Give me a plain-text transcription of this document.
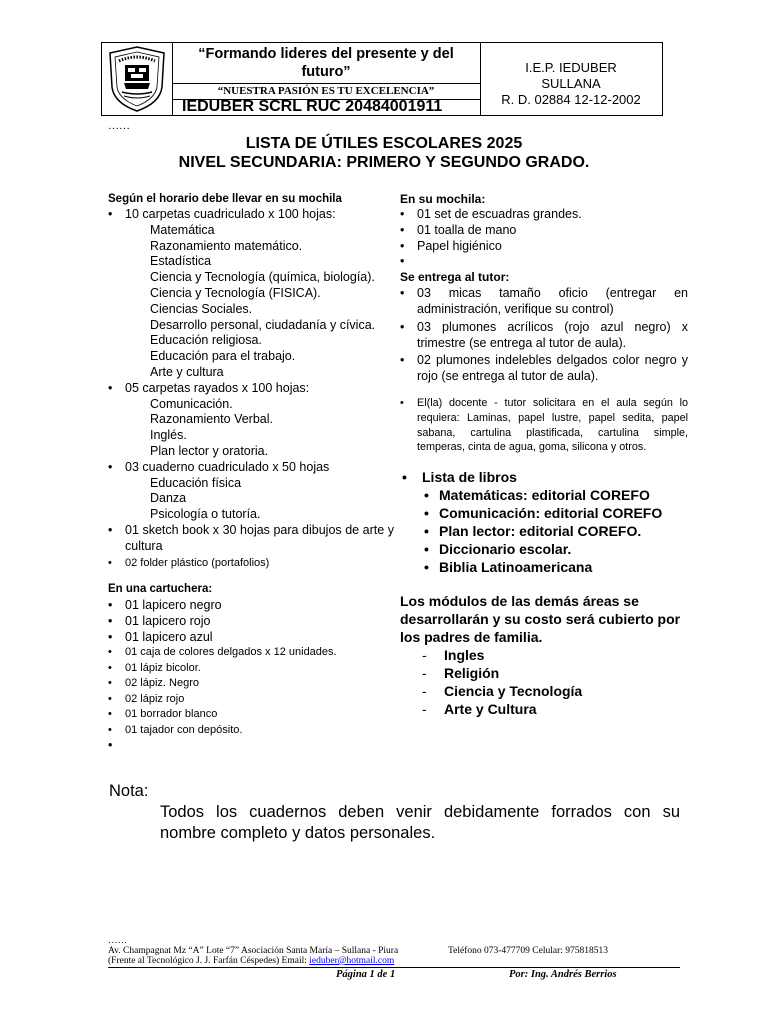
“Formando lideres del presente y del futuro”
“NUESTRA PASIÓN ES TU EXCELENCIA”
IEDUBER SCRL RUC 20484001911
I.E.P. IEDUBER
SULLANA
R. D. 02884 12-12-2002
……
LISTA DE ÚTILES ESCOLARES 2025
NIVEL SECUNDARIA: PRIMERO Y SEGUNDO GRADO.
Según el horario debe llevar en su mochila
• 10 carpetas cuadriculado x 100 hojas:
Matemática
Razonamiento matemático.
Estadística
Ciencia y Tecnología (química, biología).
Ciencia y Tecnología (FISICA).
Ciencias Sociales.
Desarrollo personal, ciudadanía y cívica.
Educación religiosa.
Educación para el trabajo.
Arte y cultura
• 05 carpetas rayados x 100 hojas:
Comunicación.
Razonamiento Verbal.
Inglés.
Plan lector y oratoria.
• 03 cuaderno cuadriculado x 50 hojas
Educación física
Danza
Psicología o tutoría.
• 01 sketch book x 30 hojas para dibujos de arte y cultura
• 02 folder plástico (portafolios)
En una cartuchera:
• 01 lapicero negro
• 01 lapicero rojo
• 01 lapicero azul
• 01 caja de colores delgados x 12 unidades.
• 01 lápiz bicolor.
• 02 lápiz. Negro
• 02 lápiz rojo
• 01 borrador blanco
• 01 tajador con depósito.
•
En su mochila:
• 01 set de escuadras grandes.
• 01 toalla de mano
• Papel higiénico
•
Se entrega al tutor:
• 03 micas tamaño oficio (entregar en administración, verifique su control)
• 03 plumones acrílicos (rojo azul negro) x trimestre (se entrega al tutor de aula).
• 02 plumones indelebles delgados color negro y rojo (se entrega al tutor de aula).
• El(la) docente - tutor solicitara en el aula según lo requiera: Laminas, papel lustre, papel sedita, papel sabana, cartulina plastificada, cartulina simple, temperas, cinta de agua, goma, silicona y otros.
• Lista de libros
• Matemáticas: editorial COREFO
• Comunicación: editorial COREFO
• Plan lector: editorial COREFO.
• Diccionario escolar.
• Biblia Latinoamericana
Los módulos de las demás áreas se desarrollarán y su costo será cubierto por los padres de familia.
- Ingles
- Religión
- Ciencia y Tecnología
- Arte y Cultura
Nota:
Todos los cuadernos deben venir debidamente forrados con su nombre completo y datos personales.
……
Av. Champagnat Mz “A” Lote “7” Asociación Santa María – Sullana - Piura	Teléfono 073-477709 Celular: 975818513
(Frente al Tecnológico J. J. Farfán Céspedes) Email: ieduber@hotmail.com
Página 1 de 1	Por: Ing. Andrés Berrios
